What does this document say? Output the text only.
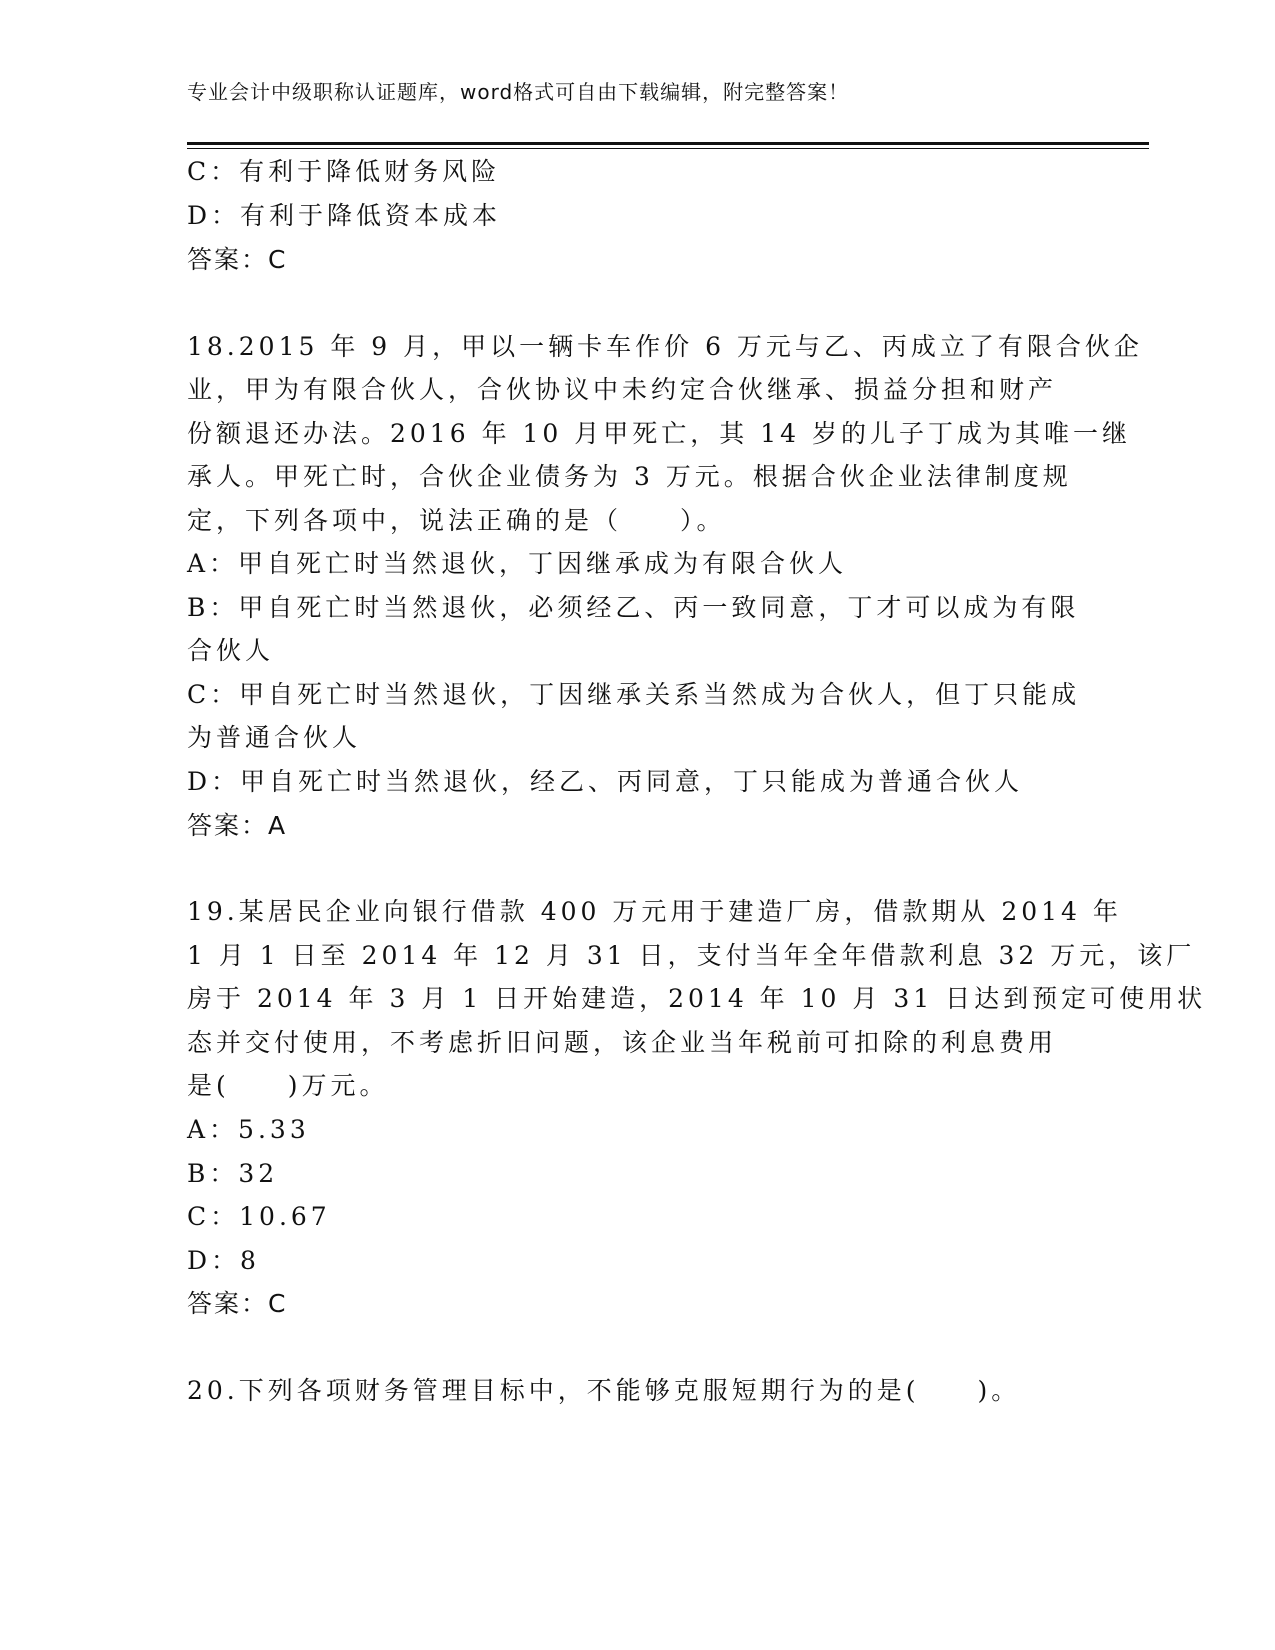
专业会计中级职称认证题库，word格式可自由下载编辑，附完整答案！
C：有利于降低财务风险
D：有利于降低资本成本
答案：C
18.2015 年 9 月，甲以一辆卡车作价 6 万元与乙、丙成立了有限合伙企
业，甲为有限合伙人，合伙协议中未约定合伙继承、损益分担和财产
份额退还办法。2016 年 10 月甲死亡，其 14 岁的儿子丁成为其唯一继
承人。甲死亡时，合伙企业债务为 3 万元。根据合伙企业法律制度规
定，下列各项中，说法正确的是（　　）。
A：甲自死亡时当然退伙，丁因继承成为有限合伙人
B：甲自死亡时当然退伙，必须经乙、丙一致同意，丁才可以成为有限
合伙人
C：甲自死亡时当然退伙，丁因继承关系当然成为合伙人，但丁只能成
为普通合伙人
D：甲自死亡时当然退伙，经乙、丙同意，丁只能成为普通合伙人
答案：A
19.某居民企业向银行借款 400 万元用于建造厂房，借款期从 2014 年
1 月 1 日至 2014 年 12 月 31 日，支付当年全年借款利息 32 万元，该厂
房于 2014 年 3 月 1 日开始建造，2014 年 10 月 31 日达到预定可使用状
态并交付使用，不考虑折旧问题，该企业当年税前可扣除的利息费用
是(　　)万元。
A：5.33
B：32
C：10.67
D：8
答案：C
20.下列各项财务管理目标中，不能够克服短期行为的是(　　)。
